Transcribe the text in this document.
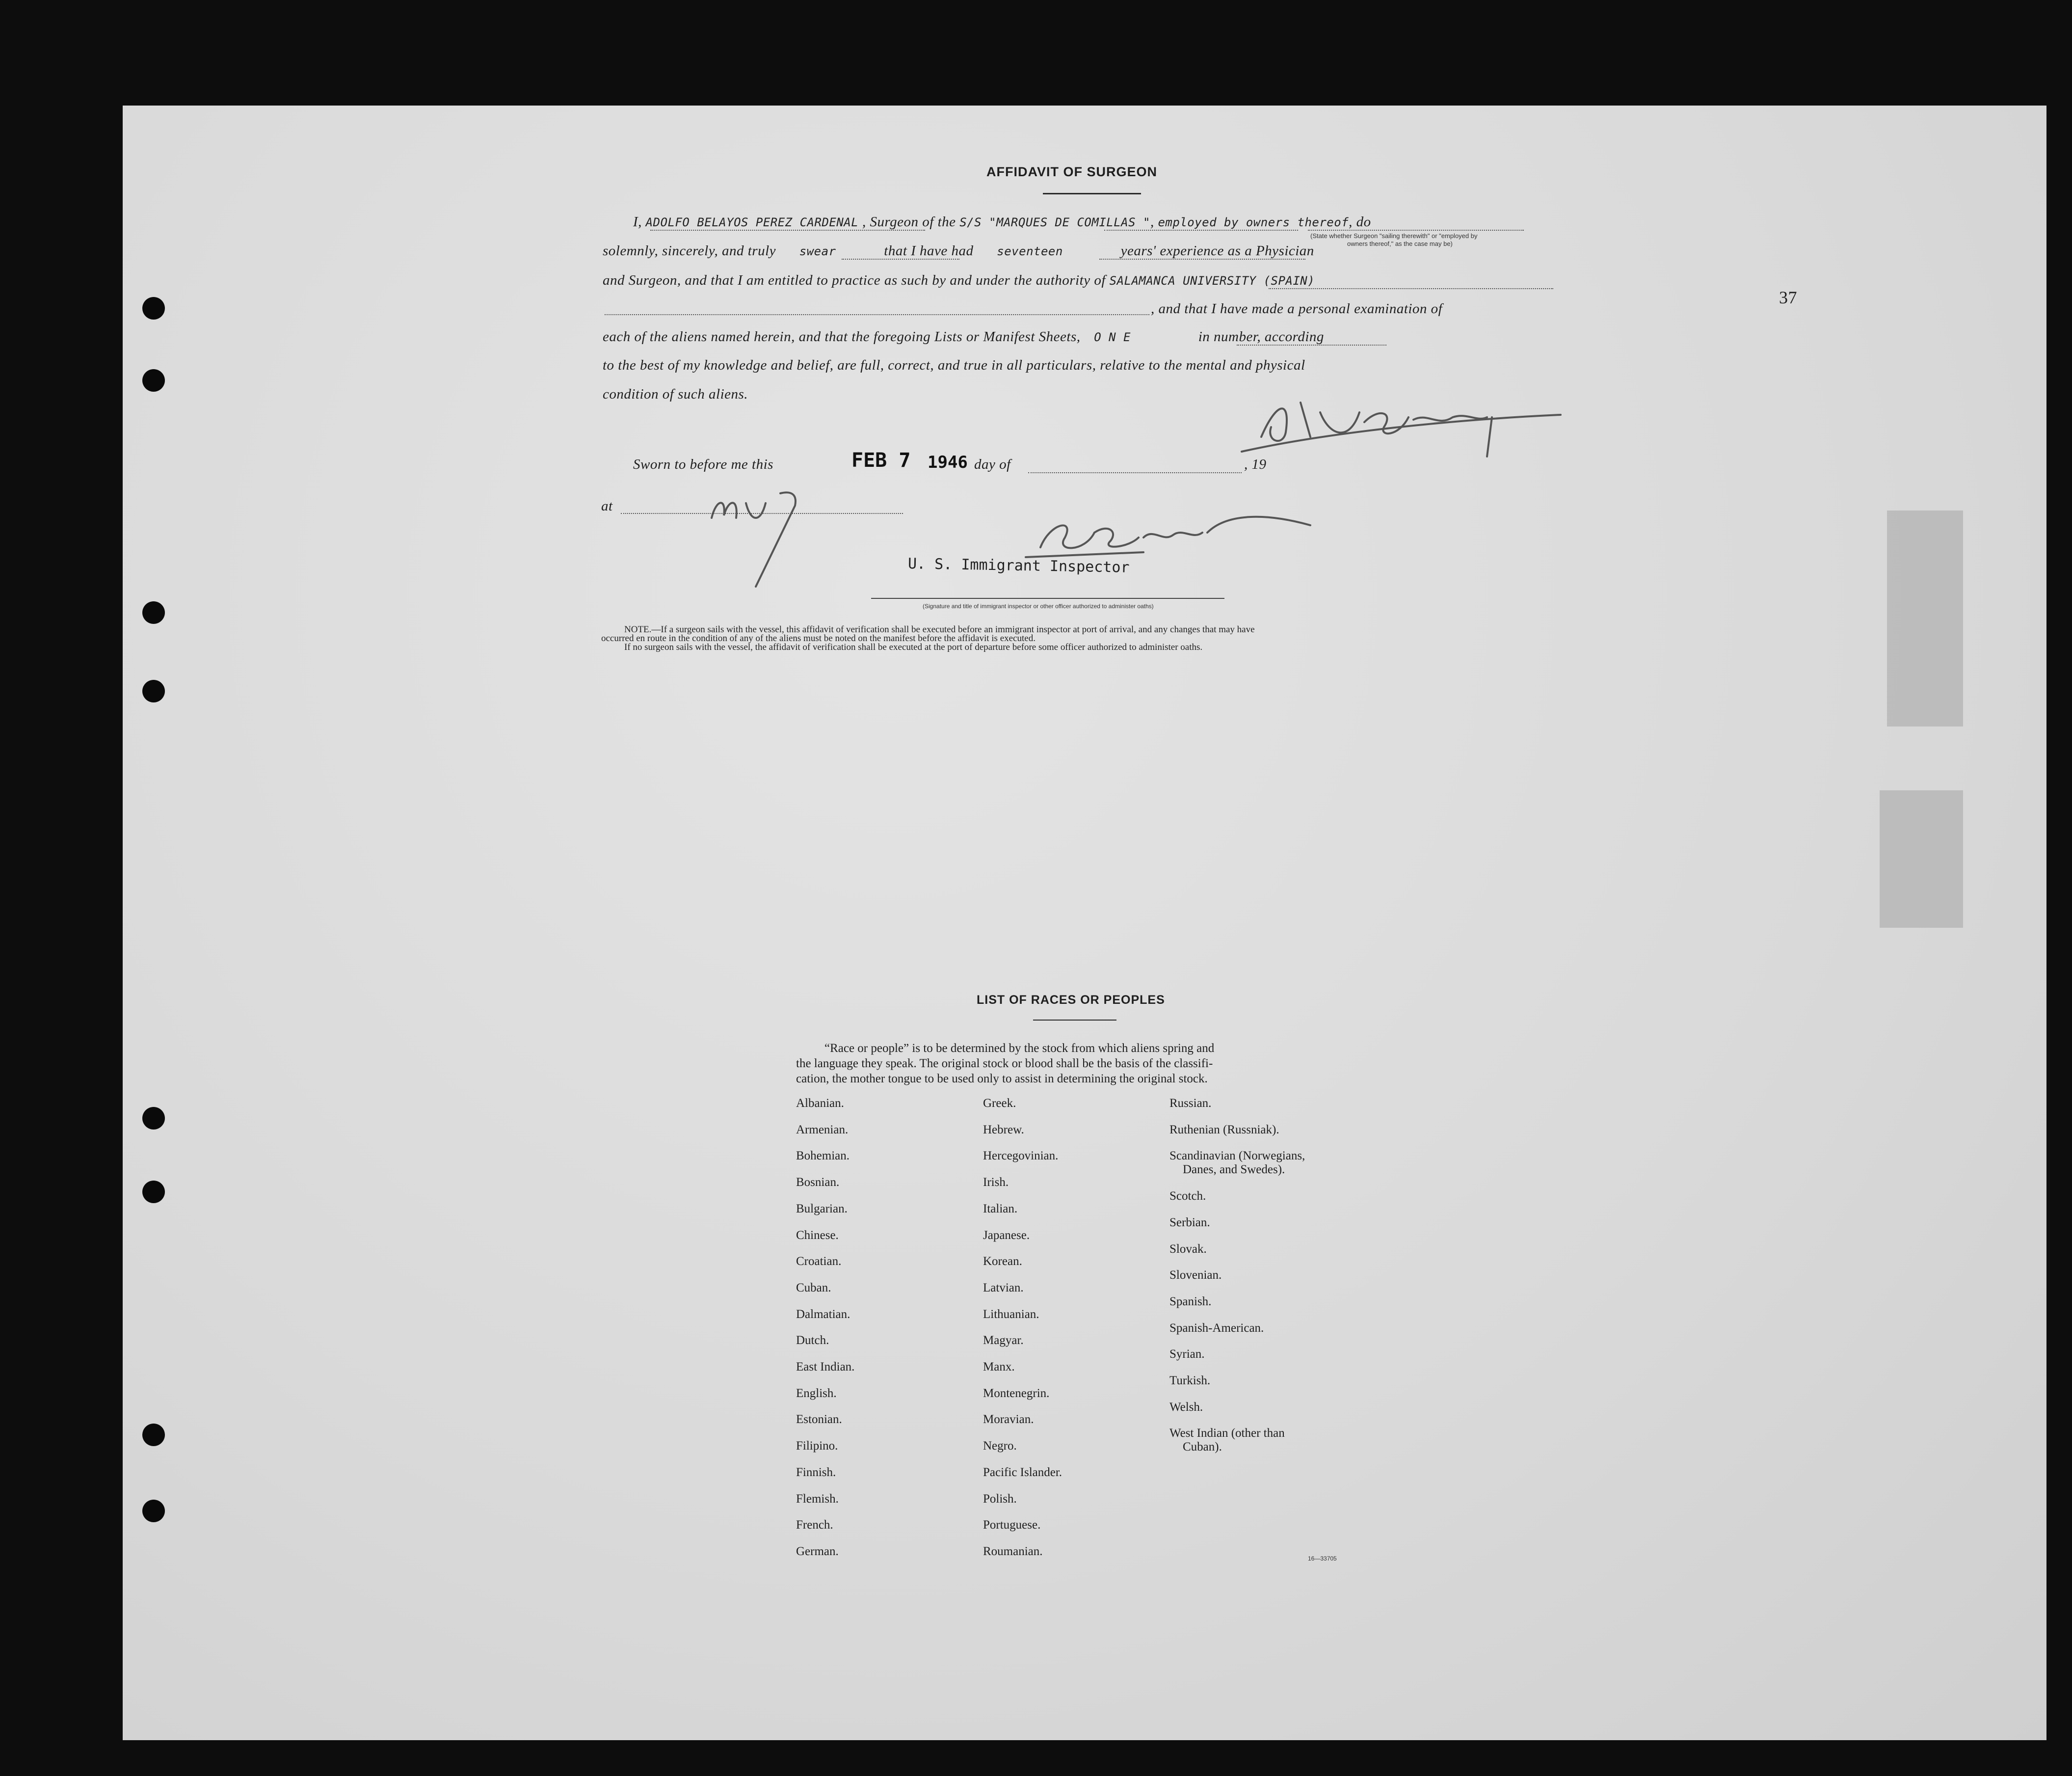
37
AFFIDAVIT OF SURGEON
I, ADOLFO BELAYOS PEREZ CARDENAL , Surgeon of the S/S "MARQUES DE COMILLAS ", employed by owners thereof, do
(State whether Surgeon "sailing therewith" or "employed by
owners thereof," as the case may be)
solemnly, sincerely, and truly swear	that I have had seventeen	years' experience as a Physician
and Surgeon, and that I am entitled to practice as such by and under the authority of SALAMANCA UNIVERSITY (SPAIN)
, and that I have made a personal examination of
each of the aliens named herein, and that the foregoing Lists or Manifest Sheets, O N E	in number, according
to the best of my knowledge and belief, are full, correct, and true in all particulars, relative to the mental and physical
condition of such aliens.
Sworn to before me this	FEB 7 1946 day of	, 19
at
U. S. Immigrant Inspector
(Signature and title of immigrant inspector or other officer authorized to administer oaths)
NOTE.—If a surgeon sails with the vessel, this affidavit of verification shall be executed before an immigrant inspector at port of arrival, and any changes that may have
occurred en route in the condition of any of the aliens must be noted on the manifest before the affidavit is executed.
If no surgeon sails with the vessel, the affidavit of verification shall be executed at the port of departure before some officer authorized to administer oaths.
LIST OF RACES OR PEOPLES
“Race or people” is to be determined by the stock from which aliens spring and
the language they speak. The original stock or blood shall be the basis of the classifi-
cation, the mother tongue to be used only to assist in determining the original stock.
Albanian.
Armenian.
Bohemian.
Bosnian.
Bulgarian.
Chinese.
Croatian.
Cuban.
Dalmatian.
Dutch.
East Indian.
English.
Estonian.
Filipino.
Finnish.
Flemish.
French.
German.
Greek.
Hebrew.
Hercegovinian.
Irish.
Italian.
Japanese.
Korean.
Latvian.
Lithuanian.
Magyar.
Manx.
Montenegrin.
Moravian.
Negro.
Pacific Islander.
Polish.
Portuguese.
Roumanian.
Russian.
Ruthenian (Russniak).
Scandinavian (Norwegians,
Danes, and Swedes).
Scotch.
Serbian.
Slovak.
Slovenian.
Spanish.
Spanish-American.
Syrian.
Turkish.
Welsh.
West Indian (other than
Cuban).
16—33705
